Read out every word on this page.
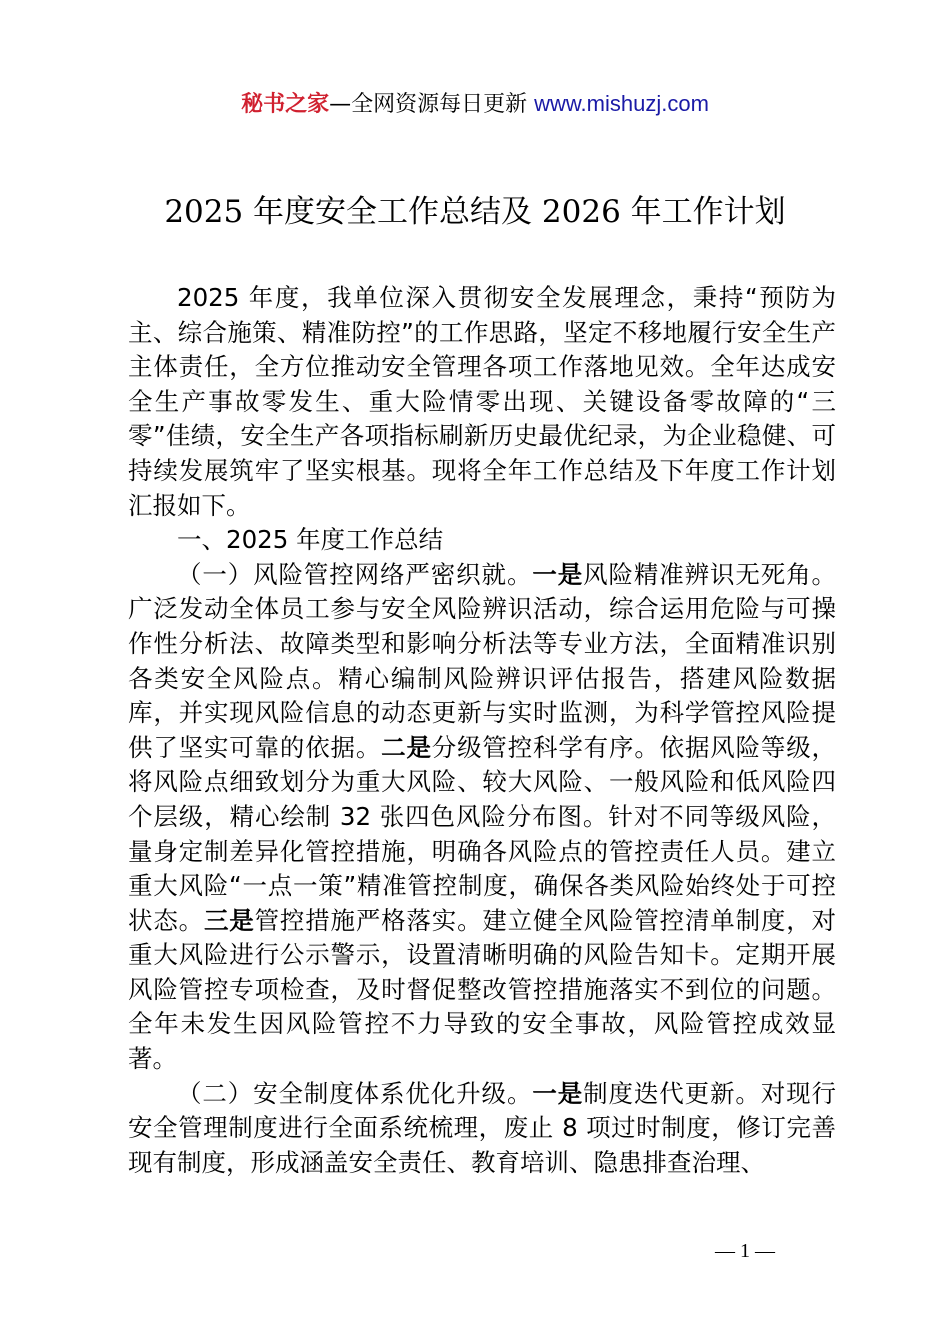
秘书之家—全网资源每日更新 www.mishuzj.com
2025 年度安全工作总结及 2026 年工作计划

2025 年度，我单位深入贯彻安全发展理念，秉持“预防为主、综合施策、精准防控”的工作思路，坚定不移地履行安全生产主体责任，全方位推动安全管理各项工作落地见效。全年达成安全生产事故零发生、重大险情零出现、关键设备零故障的“三零”佳绩，安全生产各项指标刷新历史最优纪录，为企业稳健、可持续发展筑牢了坚实根基。现将全年工作总结及下年度工作计划汇报如下。

一、2025 年度工作总结

（一）风险管控网络严密织就。一是风险精准辨识无死角。广泛发动全体员工参与安全风险辨识活动，综合运用危险与可操作性分析法、故障类型和影响分析法等专业方法，全面精准识别各类安全风险点。精心编制风险辨识评估报告，搭建风险数据库，并实现风险信息的动态更新与实时监测，为科学管控风险提供了坚实可靠的依据。二是分级管控科学有序。依据风险等级，将风险点细致划分为重大风险、较大风险、一般风险和低风险四个层级，精心绘制 32 张四色风险分布图。针对不同等级风险，量身定制差异化管控措施，明确各风险点的管控责任人员。建立重大风险“一点一策”精准管控制度，确保各类风险始终处于可控状态。三是管控措施严格落实。建立健全风险管控清单制度，对重大风险进行公示警示，设置清晰明确的风险告知卡。定期开展风险管控专项检查，及时督促整改管控措施落实不到位的问题。全年未发生因风险管控不力导致的安全事故，风险管控成效显著。

（二）安全制度体系优化升级。一是制度迭代更新。对现行安全管理制度进行全面系统梳理，废止 8 项过时制度，修订完善现有制度，形成涵盖安全责任、教育培训、隐患排查治理、

— 1 —
